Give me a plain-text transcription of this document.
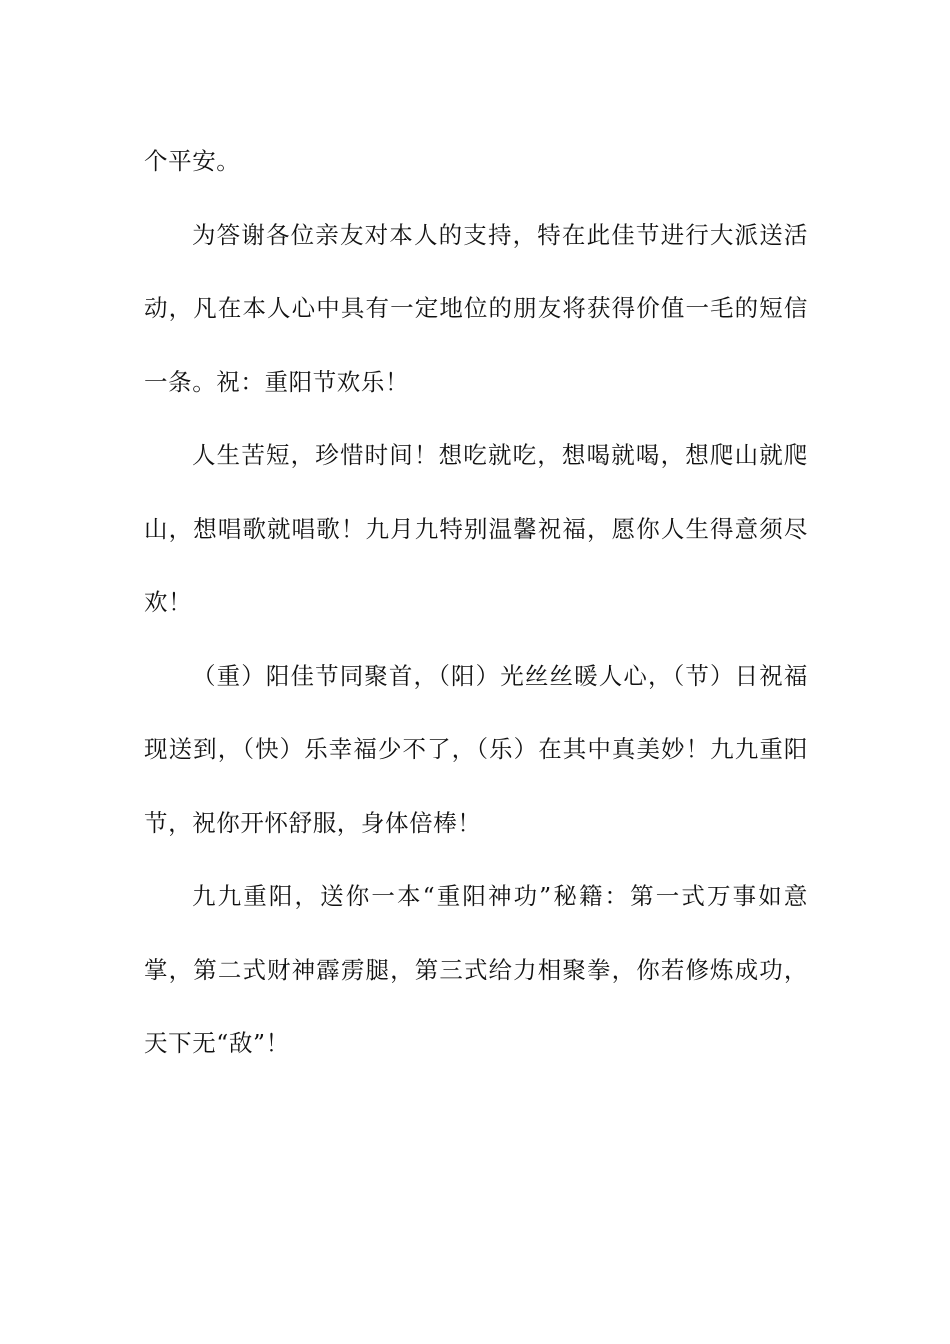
个平安。

为答谢各位亲友对本人的支持，特在此佳节进行大派送活动，凡在本人心中具有一定地位的朋友将获得价值一毛的短信一条。祝：重阳节欢乐！

人生苦短，珍惜时间！想吃就吃，想喝就喝，想爬山就爬山，想唱歌就唱歌！九月九特别温馨祝福，愿你人生得意须尽欢！

（重）阳佳节同聚首，（阳）光丝丝暖人心，（节）日祝福现送到，（快）乐幸福少不了，（乐）在其中真美妙！九九重阳节，祝你开怀舒服，身体倍棒！

九九重阳，送你一本“重阳神功”秘籍：第一式万事如意掌，第二式财神霹雳腿，第三式给力相聚拳，你若修炼成功，天下无“敌”！
